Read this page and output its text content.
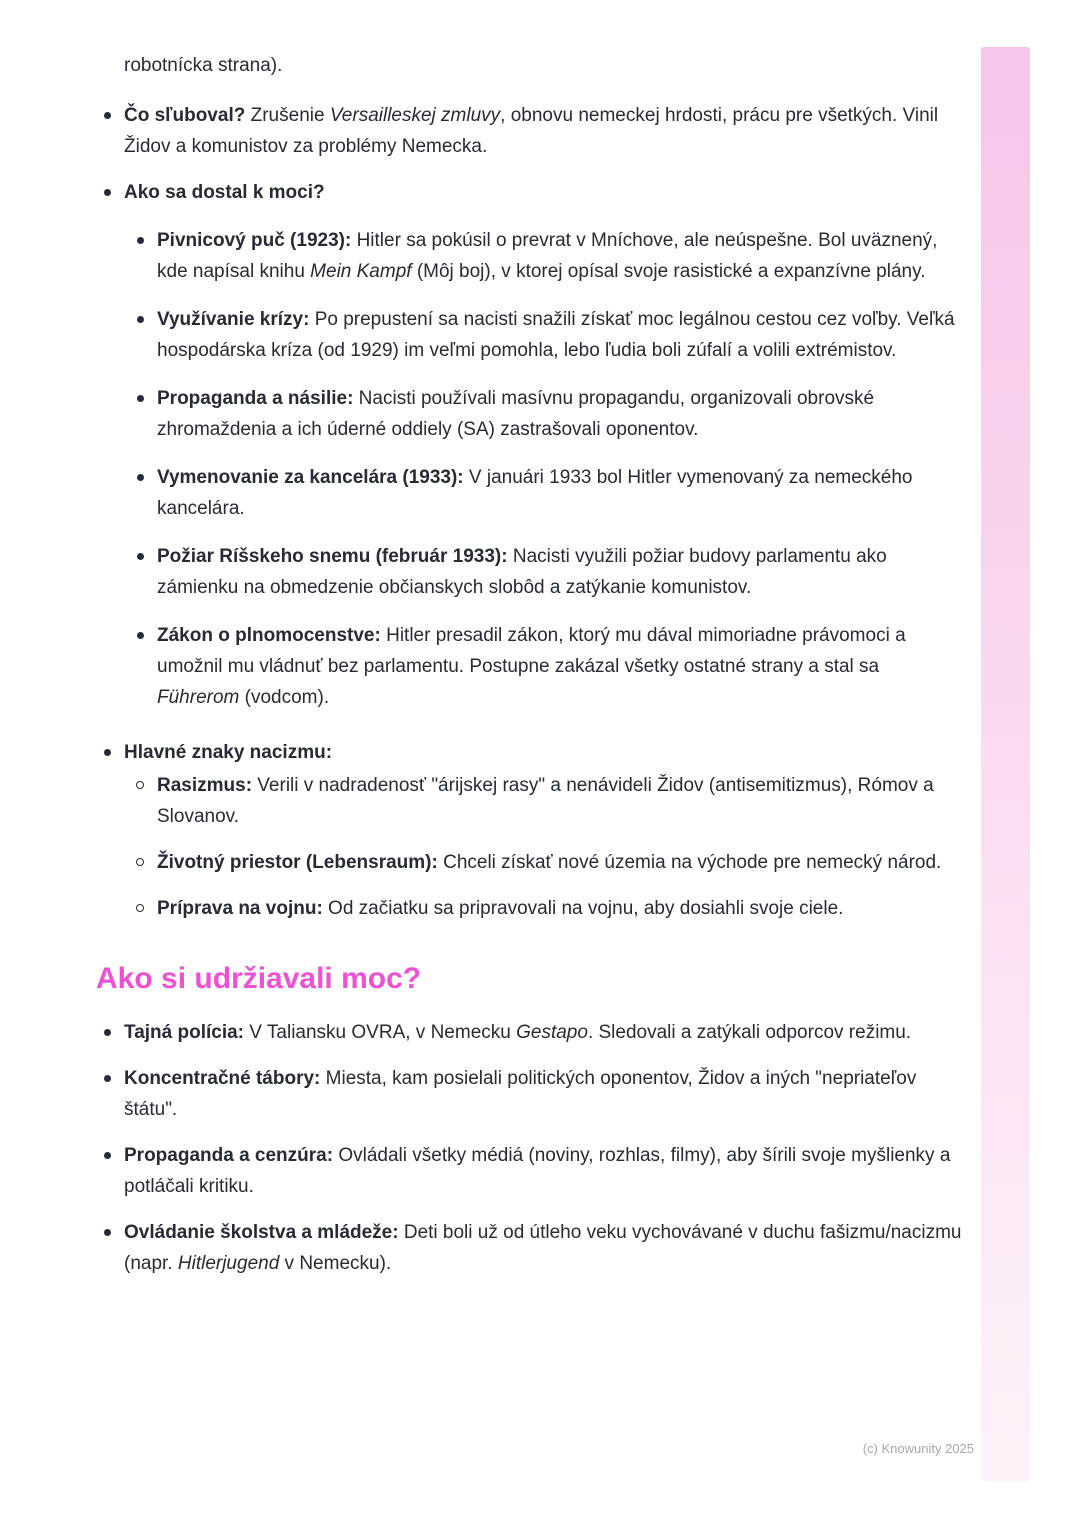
robotnícka strana).
Čo sľuboval? Zrušenie Versailleskej zmluvy, obnovu nemeckej hrdosti, prácu pre všetkých. Vinil Židov a komunistov za problémy Nemecka.
Ako sa dostal k moci?
Pivnicový puč (1923): Hitler sa pokúsil o prevrat v Mníchove, ale neúspešne. Bol uväznený, kde napísal knihu Mein Kampf (Môj boj), v ktorej opísal svoje rasistické a expanzívne plány.
Využívanie krízy: Po prepustení sa nacisti snažili získať moc legálnou cestou cez voľby. Veľká hospodárska kríza (od 1929) im veľmi pomohla, lebo ľudia boli zúfalí a volili extrémistov.
Propaganda a násilie: Nacisti používali masívnu propagandu, organizovali obrovské zhromaždenia a ich úderné oddiely (SA) zastrašovali oponentov.
Vymenovanie za kancelára (1933): V januári 1933 bol Hitler vymenovaný za nemeckého kancelára.
Požiar Ríšskeho snemu (február 1933): Nacisti využili požiar budovy parlamentu ako zámienku na obmedzenie občianskych slobôd a zatýkanie komunistov.
Zákon o plnomocenstve: Hitler presadil zákon, ktorý mu dával mimoriadne právomoci a umožnil mu vládnuť bez parlamentu. Postupne zakázal všetky ostatné strany a stal sa Führerom (vodcom).
Hlavné znaky nacizmu:
Rasizmus: Verili v nadradenosť "árijskej rasy" a nenávideli Židov (antisemitizmus), Rómov a Slovanov.
Životný priestor (Lebensraum): Chceli získať nové územia na východe pre nemecký národ.
Príprava na vojnu: Od začiatku sa pripravovali na vojnu, aby dosiahli svoje ciele.
Ako si udržiavali moc?
Tajná polícia: V Taliansku OVRA, v Nemecku Gestapo. Sledovali a zatýkali odporcov režimu.
Koncentračné tábory: Miesta, kam posielali politických oponentov, Židov a iných "nepriateľov štátu".
Propaganda a cenzúra: Ovládali všetky médiá (noviny, rozhlas, filmy), aby šírili svoje myšlienky a potláčali kritiku.
Ovládanie školstva a mládeže: Deti boli už od útleho veku vychovávané v duchu fašizmu/nacizmu (napr. Hitlerjugend v Nemecku).
(c) Knowunity 2025
